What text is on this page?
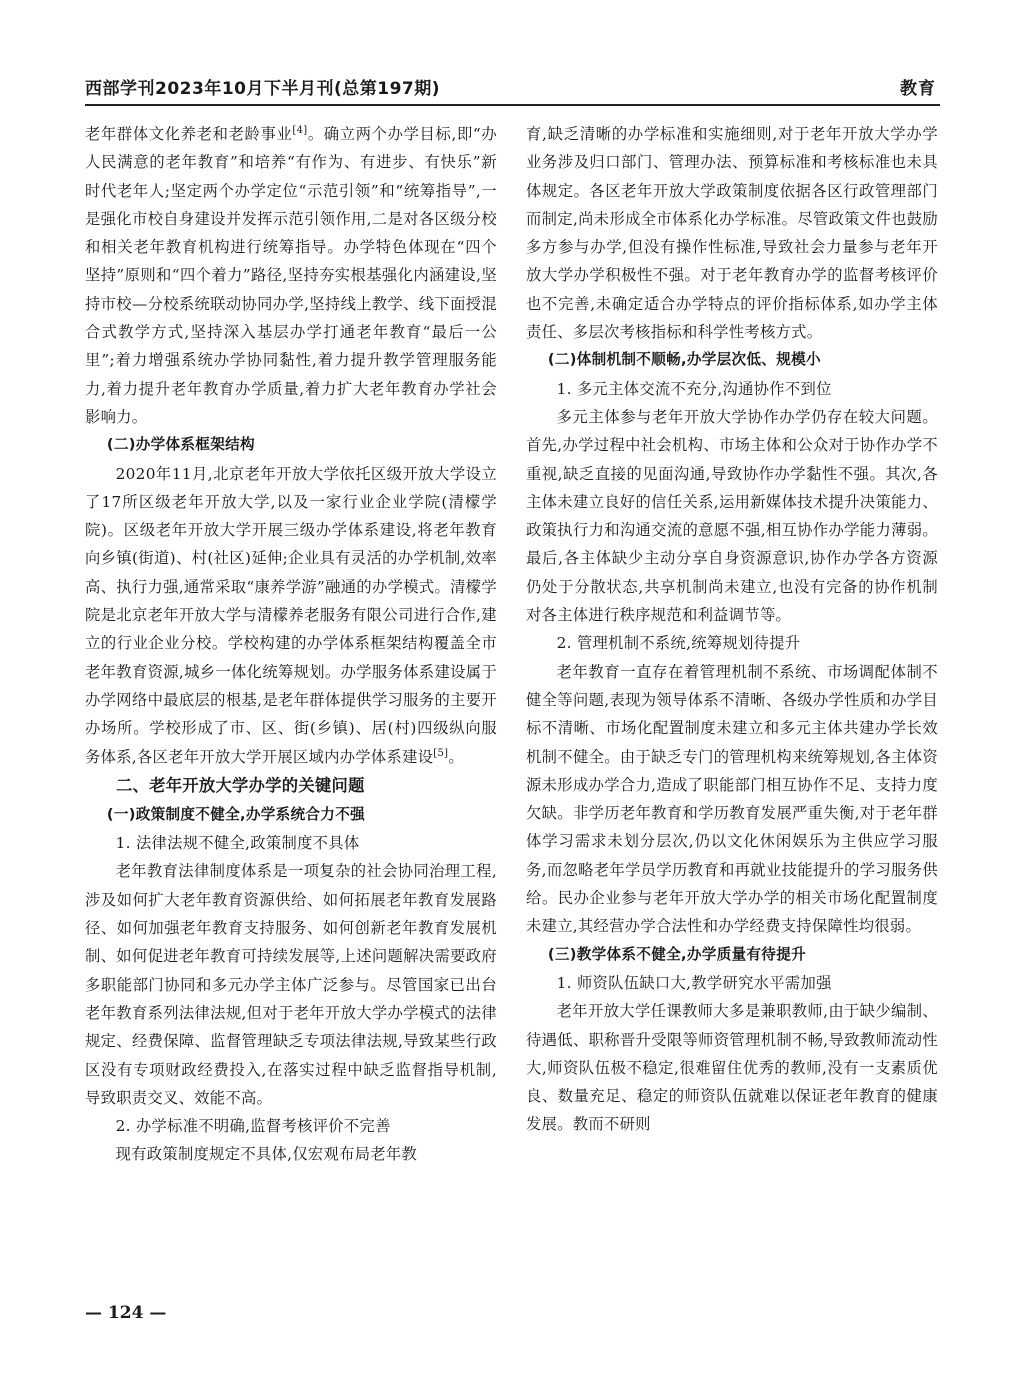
西部学刊2023年10月下半月刊(总第197期)	教育

老年群体文化养老和老龄事业[4]。确立两个办学目标,即“办人民满意的老年教育”和培养“有作为、有进步、有快乐”新时代老年人;坚定两个办学定位“示范引领”和“统筹指导”,一是强化市校自身建设并发挥示范引领作用,二是对各区级分校和相关老年教育机构进行统筹指导。办学特色体现在“四个坚持”原则和“四个着力”路径,坚持夯实根基强化内涵建设,坚持市校—分校系统联动协同办学,坚持线上教学、线下面授混合式教学方式,坚持深入基层办学打通老年教育“最后一公里”;着力增强系统办学协同黏性,着力提升教学管理服务能力,着力提升老年教育办学质量,着力扩大老年教育办学社会影响力。

(二)办学体系框架结构

2020年11月,北京老年开放大学依托区级开放大学设立了17所区级老年开放大学,以及一家行业企业学院(清檬学院)。区级老年开放大学开展三级办学体系建设,将老年教育向乡镇(街道)、村(社区)延伸;企业具有灵活的办学机制,效率高、执行力强,通常采取“康养学游”融通的办学模式。清檬学院是北京老年开放大学与清檬养老服务有限公司进行合作,建立的行业企业分校。学校构建的办学体系框架结构覆盖全市老年教育资源,城乡一体化统筹规划。办学服务体系建设属于办学网络中最底层的根基,是老年群体提供学习服务的主要开办场所。学校形成了市、区、街(乡镇)、居(村)四级纵向服务体系,各区老年开放大学开展区域内办学体系建设[5]。

二、老年开放大学办学的关键问题

(一)政策制度不健全,办学系统合力不强

1. 法律法规不健全,政策制度不具体

老年教育法律制度体系是一项复杂的社会协同治理工程,涉及如何扩大老年教育资源供给、如何拓展老年教育发展路径、如何加强老年教育支持服务、如何创新老年教育发展机制、如何促进老年教育可持续发展等,上述问题解决需要政府多职能部门协同和多元办学主体广泛参与。尽管国家已出台老年教育系列法律法规,但对于老年开放大学办学模式的法律规定、经费保障、监督管理缺乏专项法律法规,导致某些行政区没有专项财政经费投入,在落实过程中缺乏监督指导机制,导致职责交叉、效能不高。

2. 办学标准不明确,监督考核评价不完善

现有政策制度规定不具体,仅宏观布局老年教

育,缺乏清晰的办学标准和实施细则,对于老年开放大学办学业务涉及归口部门、管理办法、预算标准和考核标准也未具体规定。各区老年开放大学政策制度依据各区行政管理部门而制定,尚未形成全市体系化办学标准。尽管政策文件也鼓励多方参与办学,但没有操作性标准,导致社会力量参与老年开放大学办学积极性不强。对于老年教育办学的监督考核评价也不完善,未确定适合办学特点的评价指标体系,如办学主体责任、多层次考核指标和科学性考核方式。

(二)体制机制不顺畅,办学层次低、规模小

1. 多元主体交流不充分,沟通协作不到位

多元主体参与老年开放大学协作办学仍存在较大问题。首先,办学过程中社会机构、市场主体和公众对于协作办学不重视,缺乏直接的见面沟通,导致协作办学黏性不强。其次,各主体未建立良好的信任关系,运用新媒体技术提升决策能力、政策执行力和沟通交流的意愿不强,相互协作办学能力薄弱。最后,各主体缺少主动分享自身资源意识,协作办学各方资源仍处于分散状态,共享机制尚未建立,也没有完备的协作机制对各主体进行秩序规范和利益调节等。

2. 管理机制不系统,统筹规划待提升

老年教育一直存在着管理机制不系统、市场调配体制不健全等问题,表现为领导体系不清晰、各级办学性质和办学目标不清晰、市场化配置制度未建立和多元主体共建办学长效机制不健全。由于缺乏专门的管理机构来统筹规划,各主体资源未形成办学合力,造成了职能部门相互协作不足、支持力度欠缺。非学历老年教育和学历教育发展严重失衡,对于老年群体学习需求未划分层次,仍以文化休闲娱乐为主供应学习服务,而忽略老年学员学历教育和再就业技能提升的学习服务供给。民办企业参与老年开放大学办学的相关市场化配置制度未建立,其经营办学合法性和办学经费支持保障性均很弱。

(三)教学体系不健全,办学质量有待提升

1. 师资队伍缺口大,教学研究水平需加强

老年开放大学任课教师大多是兼职教师,由于缺少编制、待遇低、职称晋升受限等师资管理机制不畅,导致教师流动性大,师资队伍极不稳定,很难留住优秀的教师,没有一支素质优良、数量充足、稳定的师资队伍就难以保证老年教育的健康发展。教而不研则

— 124 —
